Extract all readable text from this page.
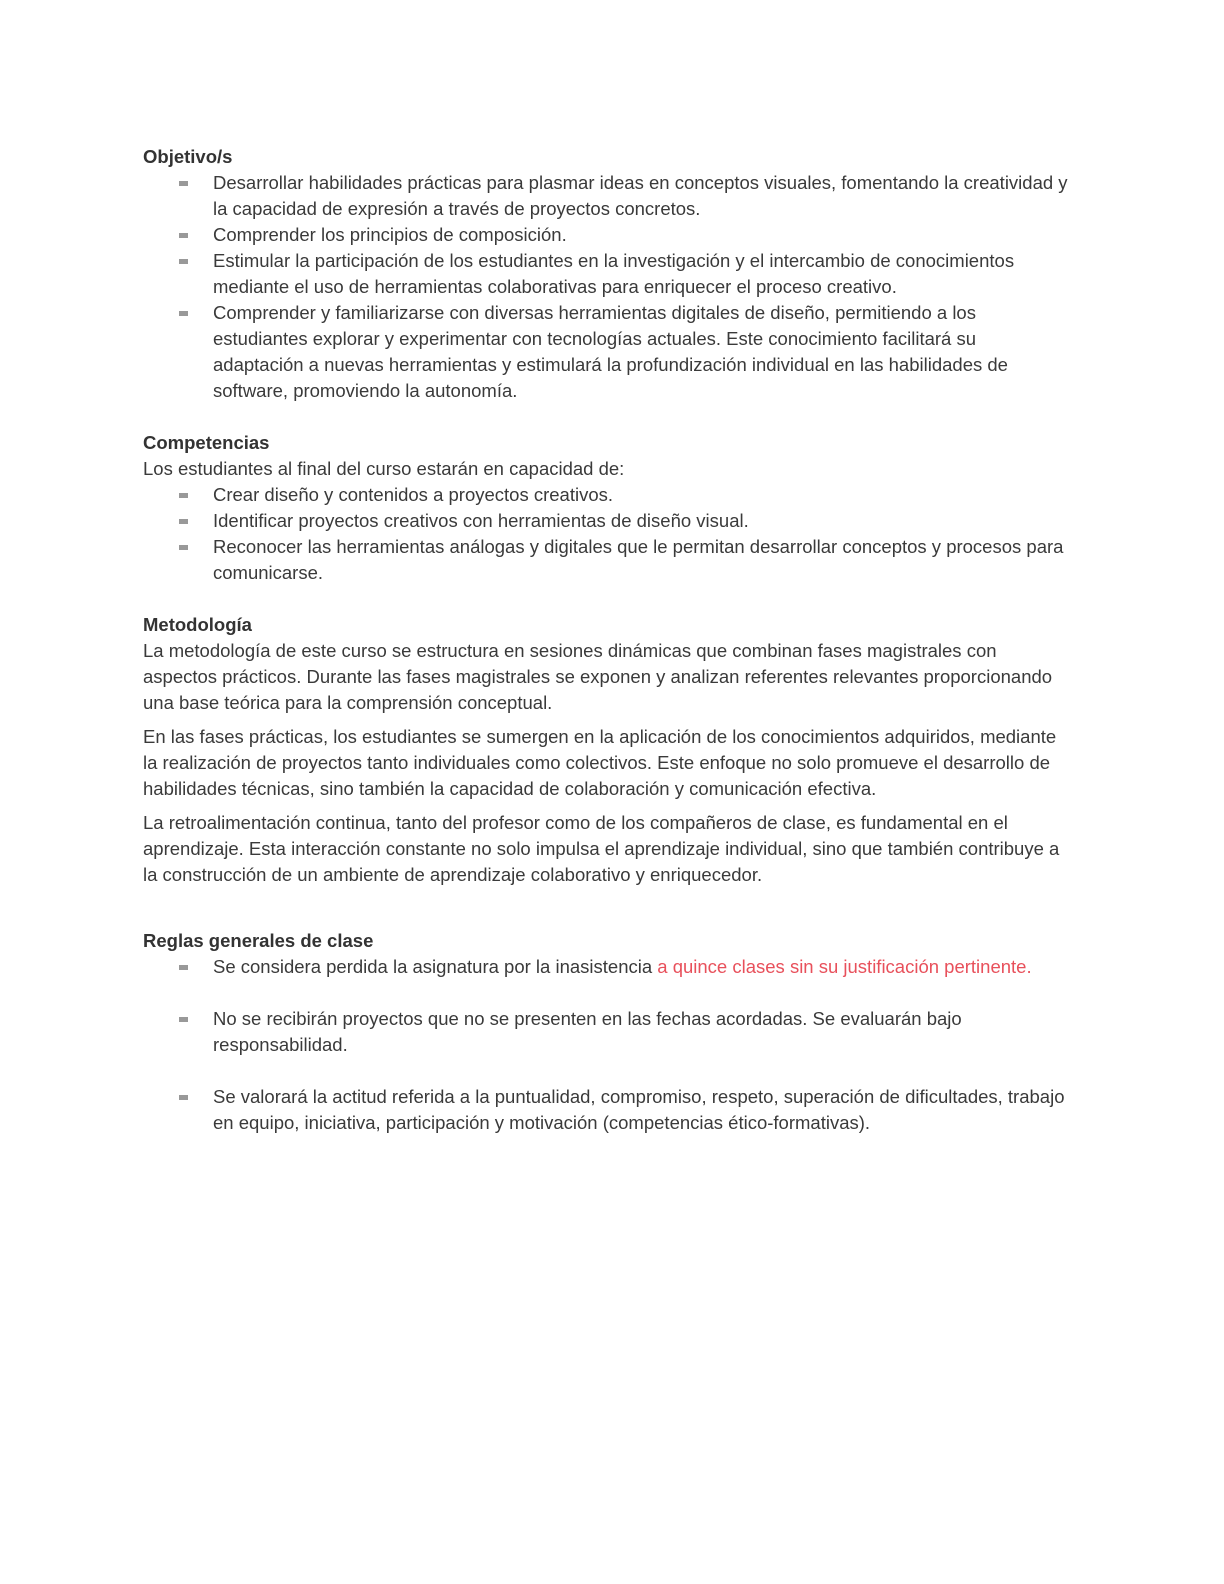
Objetivo/s
Desarrollar habilidades prácticas para plasmar ideas en conceptos visuales, fomentando la creatividad y la capacidad de expresión a través de proyectos concretos.
Comprender los principios de composición.
Estimular la participación de los estudiantes en la investigación y el intercambio de conocimientos mediante el uso de herramientas colaborativas para enriquecer el proceso creativo.
Comprender y familiarizarse con diversas herramientas digitales de diseño, permitiendo a los estudiantes explorar y experimentar con tecnologías actuales. Este conocimiento facilitará su adaptación a nuevas herramientas y estimulará la profundización individual en las habilidades de software, promoviendo la autonomía.
Competencias
Los estudiantes al final del curso estarán en capacidad de:
Crear diseño y contenidos a proyectos creativos.
Identificar proyectos creativos con herramientas de diseño visual.
Reconocer las herramientas análogas y digitales que le permitan desarrollar conceptos y procesos para comunicarse.
Metodología

La metodología de este curso se estructura en sesiones dinámicas que combinan fases magistrales con aspectos prácticos. Durante las fases magistrales se exponen y analizan referentes relevantes proporcionando una base teórica para la comprensión conceptual.

En las fases prácticas, los estudiantes se sumergen en la aplicación de los conocimientos adquiridos, mediante la realización de proyectos tanto individuales como colectivos. Este enfoque no solo promueve el desarrollo de habilidades técnicas, sino también la capacidad de colaboración y comunicación efectiva.

La retroalimentación continua, tanto del profesor como de los compañeros de clase, es fundamental en el aprendizaje. Esta interacción constante no solo impulsa el aprendizaje individual, sino que también contribuye a la construcción de un ambiente de aprendizaje colaborativo y enriquecedor.

Reglas generales de clase
Se considera perdida la asignatura por la inasistencia a quince clases sin su justificación pertinente.
No se recibirán proyectos que no se presenten en las fechas acordadas. Se evaluarán bajo responsabilidad.
Se valorará la actitud referida a la puntualidad, compromiso, respeto, superación de dificultades, trabajo en equipo, iniciativa, participación y motivación (competencias ético-formativas).
